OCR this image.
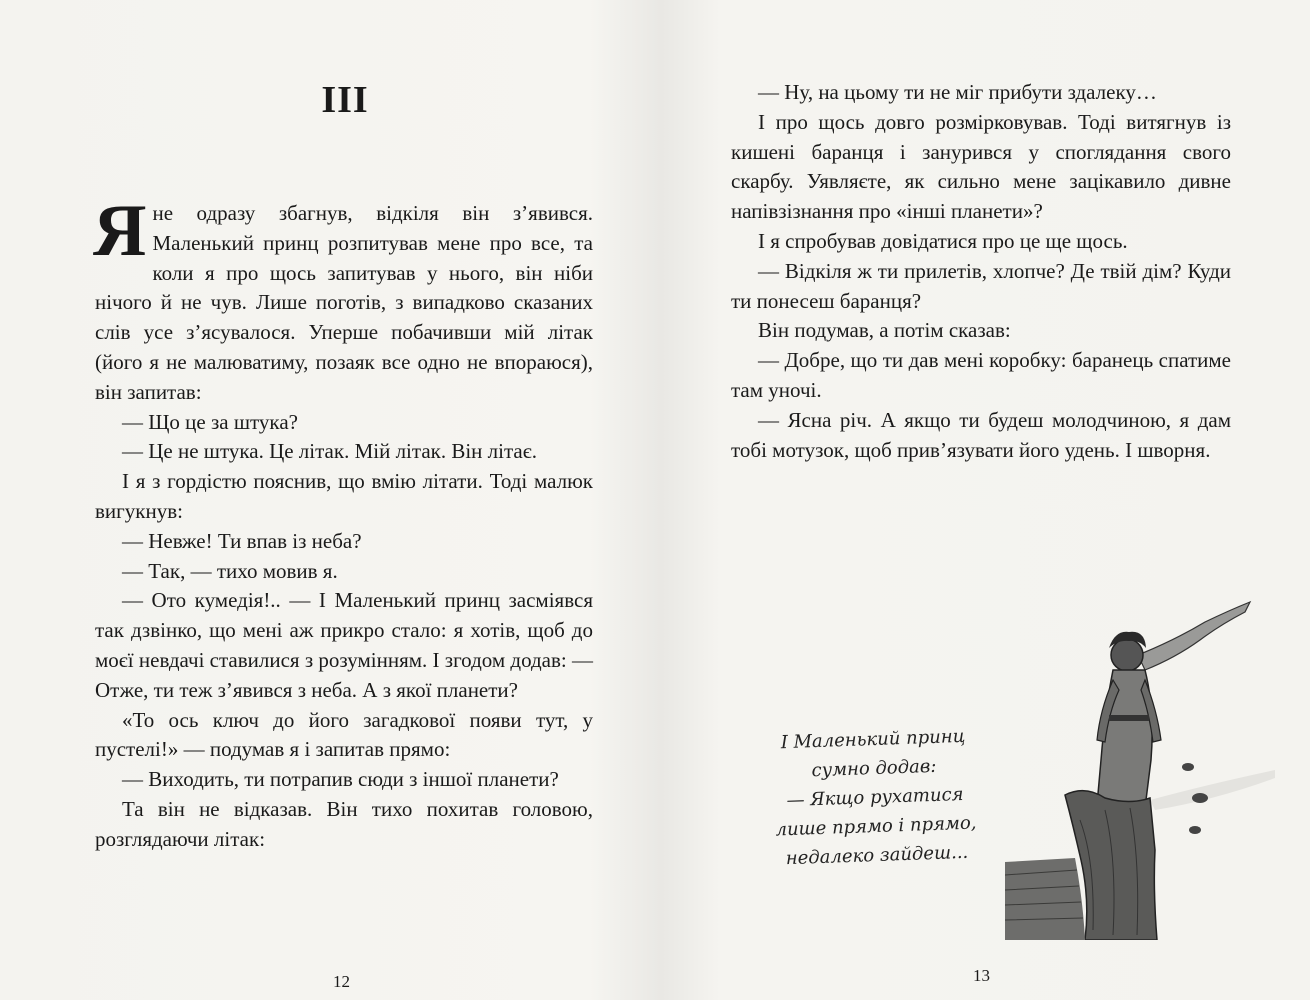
III

Я не одразу збагнув, відкіля він з’явився. Маленький принц розпитував мене про все, та коли я про щось запитував у нього, він ніби нічого й не чув. Лише поготів, з випадково сказаних слів усе з’ясувалося. Уперше побачивши мій літак (його я не малюватиму, позаяк все одно не впораюся), він запитав:

— Що це за штука?

— Це не штука. Це літак. Мій літак. Він літає.

І я з гордістю пояснив, що вмію літати. Тоді малюк вигукнув:

— Невже! Ти впав із неба?

— Так, — тихо мовив я.

— Ото кумедія!.. — І Маленький принц засміявся так дзвінко, що мені аж прикро стало: я хотів, щоб до моєї невдачі ставилися з розумінням. І згодом додав: — Отже, ти теж з’явився з неба. А з якої планети?

«То ось ключ до його загадкової появи тут, у пустелі!» — подумав я і запитав прямо:

— Виходить, ти потрапив сюди з іншої планети?

Та він не відказав. Він тихо похитав головою, розглядаючи літак:

12

— Ну, на цьому ти не міг прибути здалеку…

І про щось довго розмірковував. Тоді витягнув із кишені баранця і занурився у споглядання свого скарбу. Уявляєте, як сильно мене зацікавило дивне напівзізнання про «інші планети»?

І я спробував довідатися про це ще щось.

— Відкіля ж ти прилетів, хлопче? Де твій дім? Куди ти понесеш баранця?

Він подумав, а потім сказав:

— Добре, що ти дав мені коробку: баранець спатиме там уночі.

— Ясна річ. А якщо ти будеш молодчиною, я дам тобі мотузок, щоб прив’язувати його удень. І шворня.

І Маленький принц
сумно додав:
— Якщо рухатися
лише прямо і прямо,
недалеко зайдеш...
13
